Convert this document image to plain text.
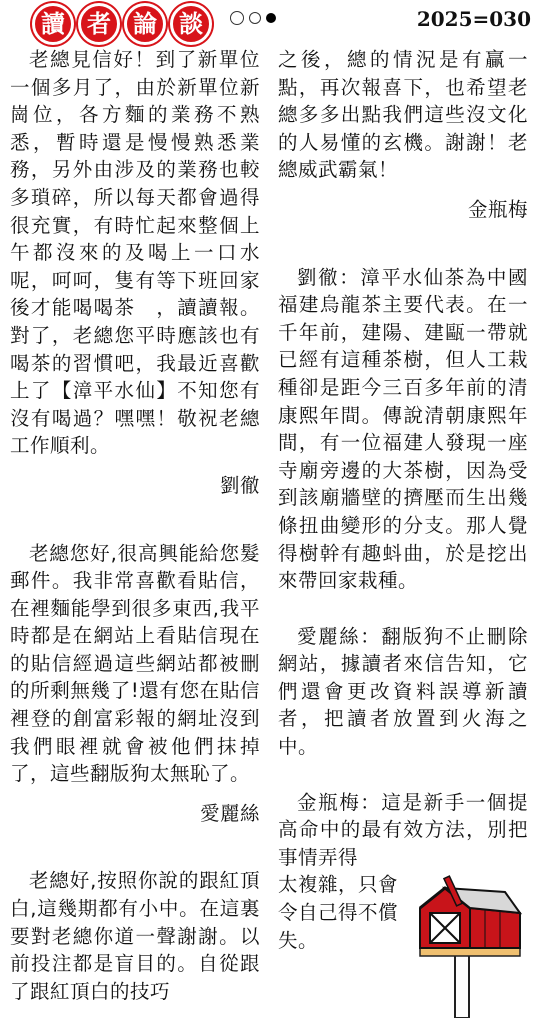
讀 者 論 談	2025=030

老總見信好！到了新單位一個多月了，由於新單位新崗位，各方麵的業務不熟悉，暫時還是慢慢熟悉業務，另外由涉及的業務也較多瑣碎，所以每天都會過得很充實，有時忙起來整個上午都沒來的及喝上一口水呢，呵呵，隻有等下班回家後才能喝喝茶　，讀讀報。對了，老總您平時應該也有喝茶的習慣吧，我最近喜歡上了【漳平水仙】不知您有沒有喝過？嘿嘿！敬祝老總工作順利。

劉徹

老總您好,很高興能給您髮郵件。我非常喜歡看貼信，在裡麵能學到很多東西,我平時都是在網站上看貼信現在的貼信經過這些網站都被刪的所剩無幾了!還有您在貼信裡登的創富彩報的網址沒到我們眼裡就會被他們抹掉了，這些翻版狗太無恥了。

愛麗絲

老總好,按照你說的跟紅頂白,這幾期都有小中。在這裏要對老總你道一聲謝謝。以前投注都是盲目的。自從跟了跟紅頂白的技巧

之後，總的情況是有贏一點，再次報喜下，也希望老總多多出點我們這些沒文化的人易懂的玄機。謝謝！老總威武霸氣！

金瓶梅

劉徹：漳平水仙茶為中國福建烏龍茶主要代表。在一千年前，建陽、建甌一帶就已經有這種茶樹，但人工栽種卻是距今三百多年前的清康熙年間。傳說清朝康熙年間，有一位福建人發現一座寺廟旁邊的大茶樹，因為受到該廟牆壁的擠壓而生出幾條扭曲變形的分支。那人覺得樹幹有趣蚪曲，於是挖出來帶回家栽種。

愛麗絲：翻版狗不止刪除網站，據讀者來信告知，它們還會更改資料誤導新讀者，把讀者放置到火海之中。

金瓶梅：這是新手一個提高命中的最有效方法，別把事情弄得

太複雜，只會令自己得不償失。
